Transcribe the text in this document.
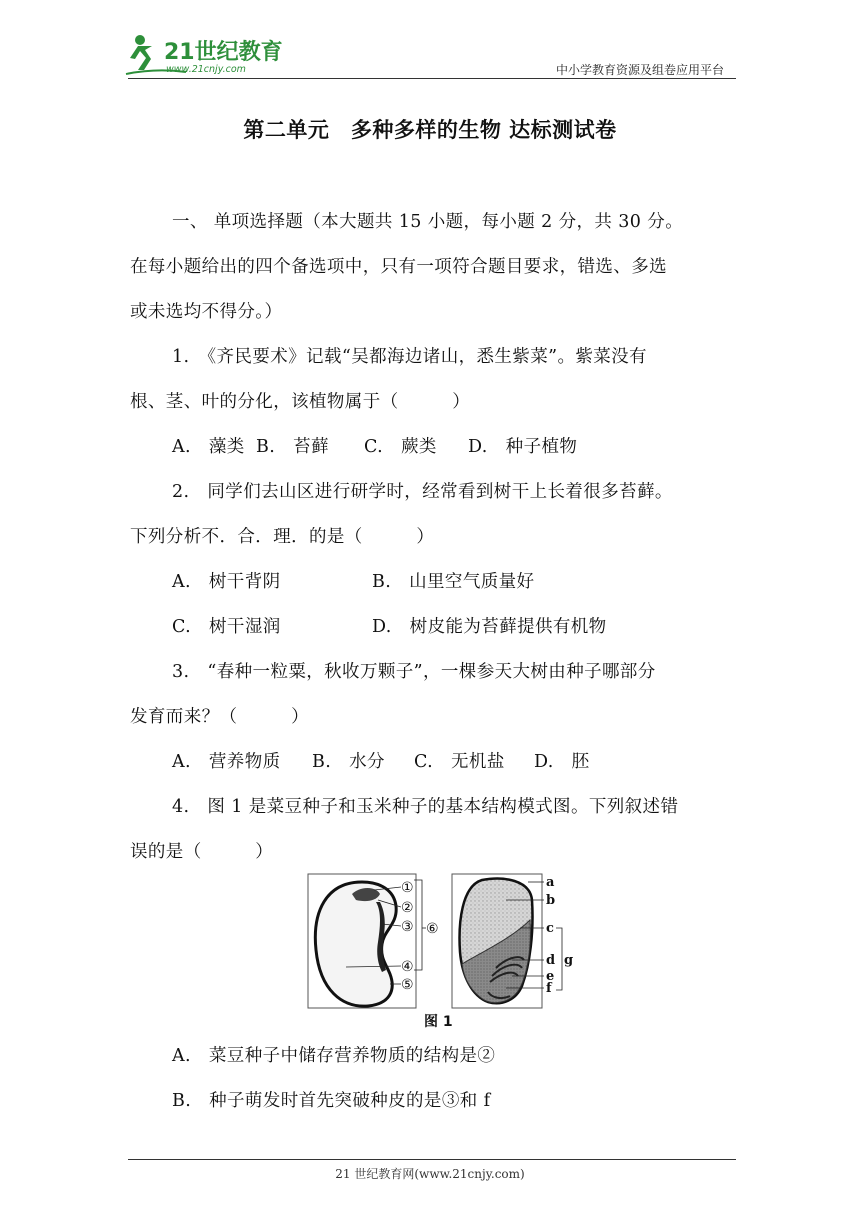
21世纪教育
www.21cnjy.com	中小学教育资源及组卷应用平台
第二单元　多种多样的生物 达标测试卷
一、 单项选择题（本大题共 15 小题，每小题 2 分，共 30 分。
在每小题给出的四个备选项中，只有一项符合题目要求，错选、多选
或未选均不得分。）
1.　《齐民要术》记载“吴都海边诸山，悉生紫菜”。紫菜没有
根、茎、叶的分化，该植物属于（　　　）
A.　藻类 B.　苔藓 C.　蕨类 D.　种子植物
2.　同学们去山区进行研学时，经常看到树干上长着很多苔藓。
下列分析不．合．理．的是（　　　）
A.　树干背阴	B.　山里空气质量好
C.　树干湿润	D.　树皮能为苔藓提供有机物
3.　“春种一粒粟，秋收万颗子”，一棵参天大树由种子哪部分
发育而来？（　　　）
A.　营养物质 B.　水分 C.　无机盐 D.　胚
4.　图 1 是菜豆种子和玉米种子的基本结构模式图。下列叙述错
误的是（　　　）
①
②
③
④
⑤
⑥
a
b
c
d
e
f
g
图 1
A.　菜豆种子中储存营养物质的结构是②
B.　种子萌发时首先突破种皮的是③和 f
21 世纪教育网(www.21cnjy.com)
